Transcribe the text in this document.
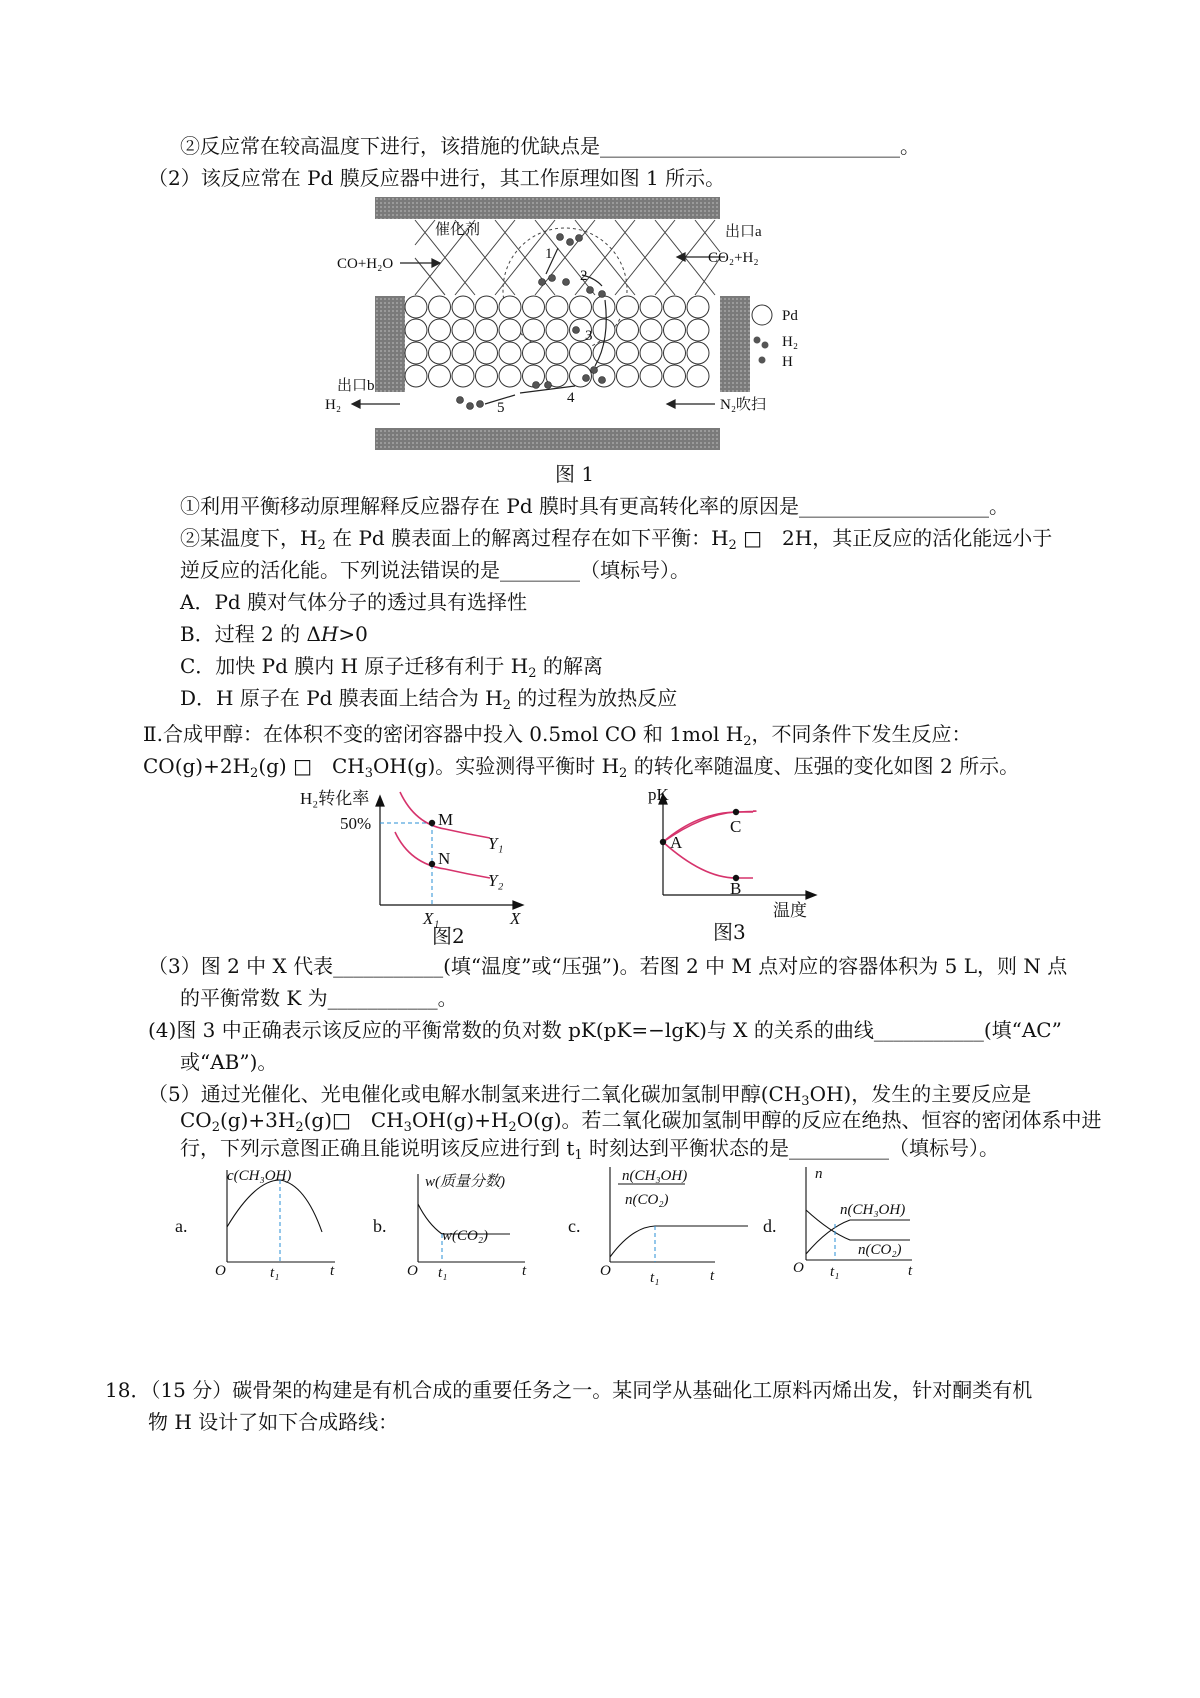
②反应常在较高温度下进行，该措施的优缺点是______________________________。
（2）该反应常在 Pd 膜反应器中进行，其工作原理如图 1 所示。
催化剂
CO+H₂O
出口a
CO₂+H₂
出口b
H₂	N₂吹扫
Pd
H₂
H
1
2
3
4
5
图 1
①利用平衡移动原理解释反应器存在 Pd 膜时具有更高转化率的原因是___________________。
②某温度下，$H_2$ 在 Pd 膜表面上的解离过程存在如下平衡：$H_2$ □　2H，其正反应的活化能远小于
逆反应的活化能。下列说法错误的是________（填标号）。
A．Pd 膜对气体分子的透过具有选择性
B．过程 2 的 ΔH>0
C．加快 Pd 膜内 H 原子迁移有利于 $H_2$ 的解离
D．H 原子在 Pd 膜表面上结合为 $H_2$ 的过程为放热反应
Ⅱ.合成甲醇：在体积不变的密闭容器中投入 0.5mol CO 和 1mol $H_2$，不同条件下发生反应：
$CO(g)+2H_2(g)$ □　$CH_3OH(g)$。实验测得平衡时 $H_2$ 的转化率随温度、压强的变化如图 2 所示。
H₂转化率
50%	M
N
Y₁
Y₂
X₁	X
图2
pK
A
B
C
温度
图3
（3）图 2 中 X 代表___________(填“温度”或“压强”)。若图 2 中 M 点对应的容器体积为 5 L，则 N 点
的平衡常数 K 为___________。
(4)图 3 中正确表示该反应的平衡常数的负对数 pK(pK=−lgK)与 X 的关系的曲线___________(填“AC”
或“AB”)。
（5）通过光催化、光电催化或电解水制氢来进行二氧化碳加氢制甲醇$(CH_3OH)$，发生的主要反应是
$CO_2(g)+3H_2(g)□$　$CH_3OH(g)+H_2O(g)$。若二氧化碳加氢制甲醇的反应在绝热、恒容的密闭体系中进
行，下列示意图正确且能说明该反应进行到 $t_1$ 时刻达到平衡状态的是__________（填标号）。
a.
c(CH₃OH)
O	t₁	t
b.
w(质量分数)
w(CO₂)
O t₁	t
c.
n(CH₃OH)
n(CO₂)
O	t₁	t
d.
n
n(CH₃OH)
n(CO₂)
O t₁	t
18．（15 分）碳骨架的构建是有机合成的重要任务之一。某同学从基础化工原料丙烯出发，针对酮类有机
物 H 设计了如下合成路线：
